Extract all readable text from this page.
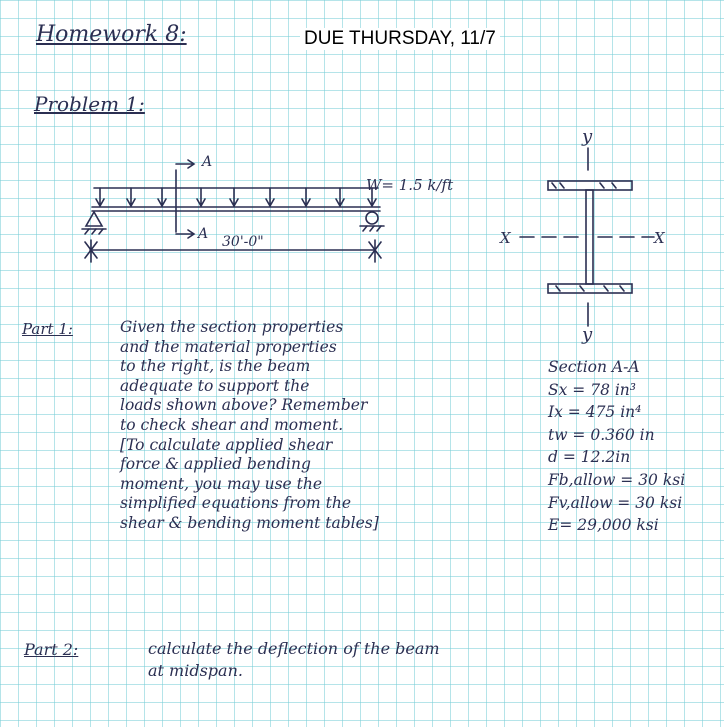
Homework 8:	DUE THURSDAY, 11/7
Problem 1:
W= 1.5 k/ft
A
A 30'-0"
y
y
X	X
Part 1:	Given the section properties
and the material properties
to the right, is the beam
adequate to support the
loads shown above? Remember
to check shear and moment.
[To calculate applied shear
force & applied bending
moment, you may use the
simplified equations from the
shear & bending moment tables]
Section A-A
Sx = 78 in³
Ix = 475 in⁴
tw = 0.360 in
d = 12.2in
Fb,allow = 30 ksi
Fv,allow = 30 ksi
E= 29,000 ksi
Part 2:	calculate the deflection of the beam
at midspan.
